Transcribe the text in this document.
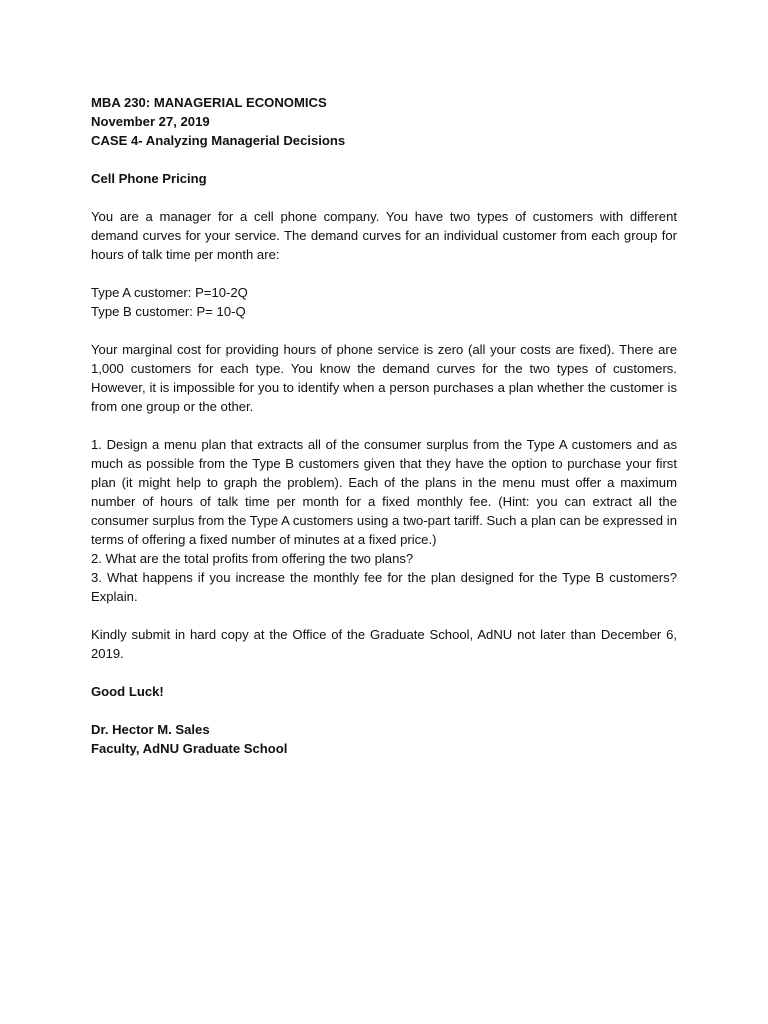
MBA 230: MANAGERIAL ECONOMICS
November 27, 2019
CASE 4- Analyzing Managerial Decisions
Cell Phone Pricing

You are a manager for a cell phone company. You have two types of customers with different demand curves for your service. The demand curves for an individual customer from each group for hours of talk time per month are:

Type A customer: P=10-2Q
Type B customer: P= 10-Q

Your marginal cost for providing hours of phone service is zero (all your costs are fixed). There are 1,000 customers for each type. You know the demand curves for the two types of customers. However, it is impossible for you to identify when a person purchases a plan whether the customer is from one group or the other.

1. Design a menu plan that extracts all of the consumer surplus from the Type A customers and as much as possible from the Type B customers given that they have the option to purchase your first plan (it might help to graph the problem). Each of the plans in the menu must offer a maximum number of hours of talk time per month for a fixed monthly fee. (Hint: you can extract all the consumer surplus from the Type A customers using a two-part tariff. Such a plan can be expressed in terms of offering a fixed number of minutes at a fixed price.)
2. What are the total profits from offering the two plans?
3. What happens if you increase the monthly fee for the plan designed for the Type B customers? Explain.

Kindly submit in hard copy at the Office of the Graduate School, AdNU not later than December 6, 2019.

Good Luck!
Dr. Hector M. Sales
Faculty, AdNU Graduate School
